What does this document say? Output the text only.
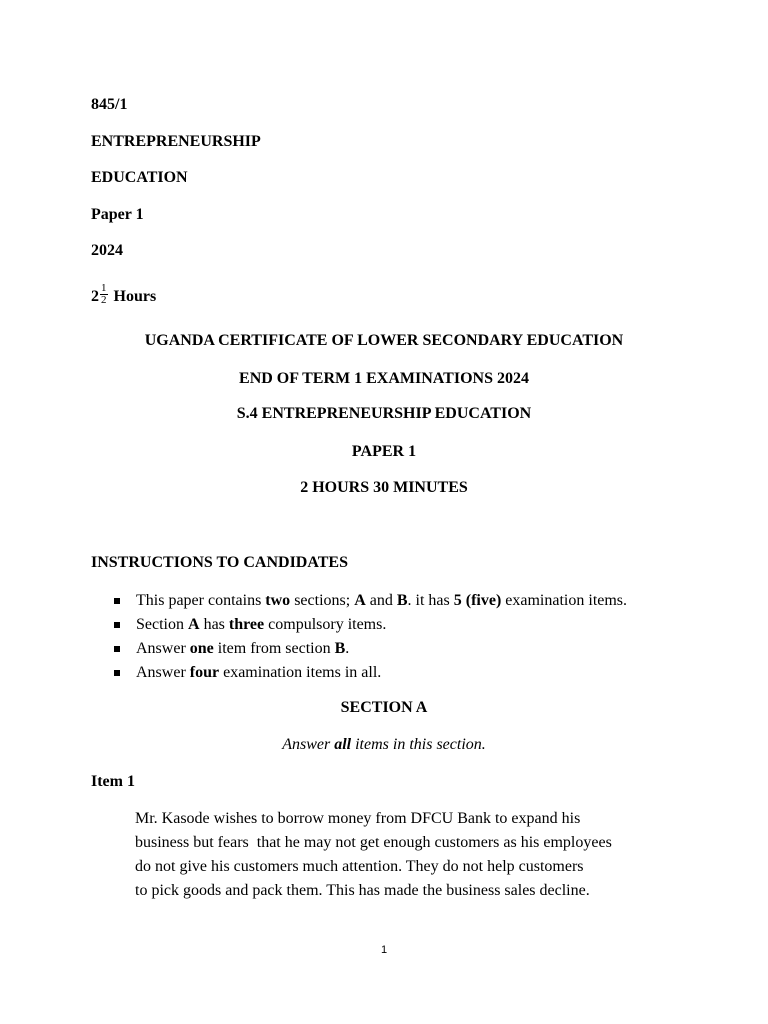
845/1
ENTREPRENEURSHIP
EDUCATION
Paper 1
2024
$2 \frac{1}{2}$ Hours
UGANDA CERTIFICATE OF LOWER SECONDARY EDUCATION
END OF TERM 1 EXAMINATIONS 2024
S.4 ENTREPRENEURSHIP EDUCATION
PAPER 1
2 HOURS 30 MINUTES
INSTRUCTIONS TO CANDIDATES
This paper contains two sections; A and B. it has 5 (five) examination items.
Section A has three compulsory items.
Answer one item from section B.
Answer four examination items in all.
SECTION A
Answer all items in this section.
Item 1
Mr. Kasode wishes to borrow money from DFCU Bank to expand his
business but fears  that he may not get enough customers as his employees
do not give his customers much attention. They do not help customers
to pick goods and pack them. This has made the business sales decline.
1
